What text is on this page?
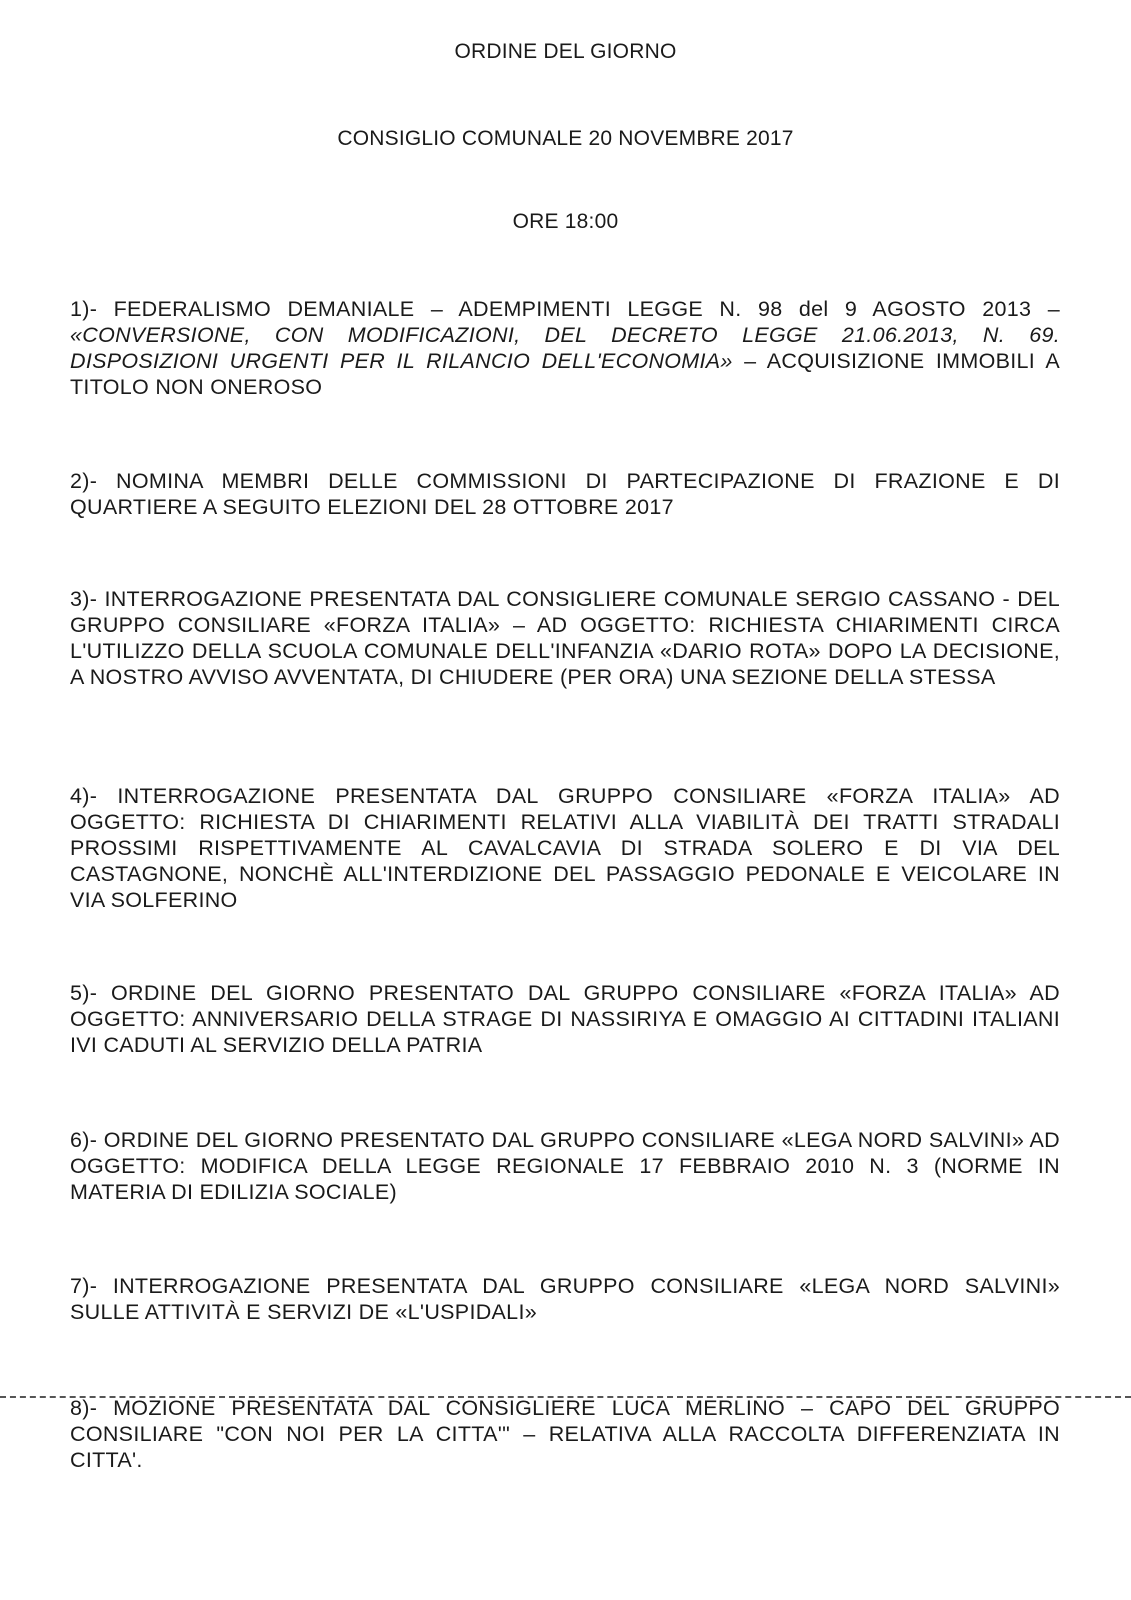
ORDINE DEL GIORNO
CONSIGLIO COMUNALE 20 NOVEMBRE 2017
ORE 18:00
1)- FEDERALISMO DEMANIALE – ADEMPIMENTI LEGGE N. 98 del 9 AGOSTO 2013 – «CONVERSIONE, CON MODIFICAZIONI, DEL DECRETO LEGGE 21.06.2013, N. 69. DISPOSIZIONI URGENTI PER IL RILANCIO DELL'ECONOMIA» – ACQUISIZIONE IMMOBILI A TITOLO NON ONEROSO
2)- NOMINA MEMBRI DELLE COMMISSIONI DI PARTECIPAZIONE DI FRAZIONE E DI QUARTIERE A SEGUITO ELEZIONI DEL 28 OTTOBRE 2017
3)- INTERROGAZIONE PRESENTATA DAL CONSIGLIERE COMUNALE SERGIO CASSANO - DEL GRUPPO CONSILIARE «FORZA ITALIA» – AD OGGETTO: RICHIESTA CHIARIMENTI CIRCA L'UTILIZZO DELLA SCUOLA COMUNALE DELL'INFANZIA «DARIO ROTA» DOPO LA DECISIONE, A NOSTRO AVVISO AVVENTATA, DI CHIUDERE (PER ORA) UNA SEZIONE DELLA STESSA
4)- INTERROGAZIONE PRESENTATA DAL GRUPPO CONSILIARE «FORZA ITALIA» AD OGGETTO: RICHIESTA DI CHIARIMENTI RELATIVI ALLA VIABILITÀ DEI TRATTI STRADALI PROSSIMI RISPETTIVAMENTE AL CAVALCAVIA DI STRADA SOLERO E DI VIA DEL CASTAGNONE, NONCHÈ ALL'INTERDIZIONE DEL PASSAGGIO PEDONALE E VEICOLARE IN VIA SOLFERINO
5)- ORDINE DEL GIORNO PRESENTATO DAL GRUPPO CONSILIARE «FORZA ITALIA» AD OGGETTO: ANNIVERSARIO DELLA STRAGE DI NASSIRIYA E OMAGGIO AI CITTADINI ITALIANI IVI CADUTI AL SERVIZIO DELLA PATRIA
6)- ORDINE DEL GIORNO PRESENTATO DAL GRUPPO CONSILIARE «LEGA NORD SALVINI» AD OGGETTO: MODIFICA DELLA LEGGE REGIONALE 17 FEBBRAIO 2010 N. 3 (NORME IN MATERIA DI EDILIZIA SOCIALE)
7)- INTERROGAZIONE PRESENTATA DAL GRUPPO CONSILIARE «LEGA NORD SALVINI» SULLE ATTIVITÀ E SERVIZI DE «L'USPIDALI»
8)- MOZIONE PRESENTATA DAL CONSIGLIERE LUCA MERLINO – CAPO DEL GRUPPO CONSILIARE "CON NOI PER LA CITTA'" – RELATIVA ALLA RACCOLTA DIFFERENZIATA IN CITTA'.
